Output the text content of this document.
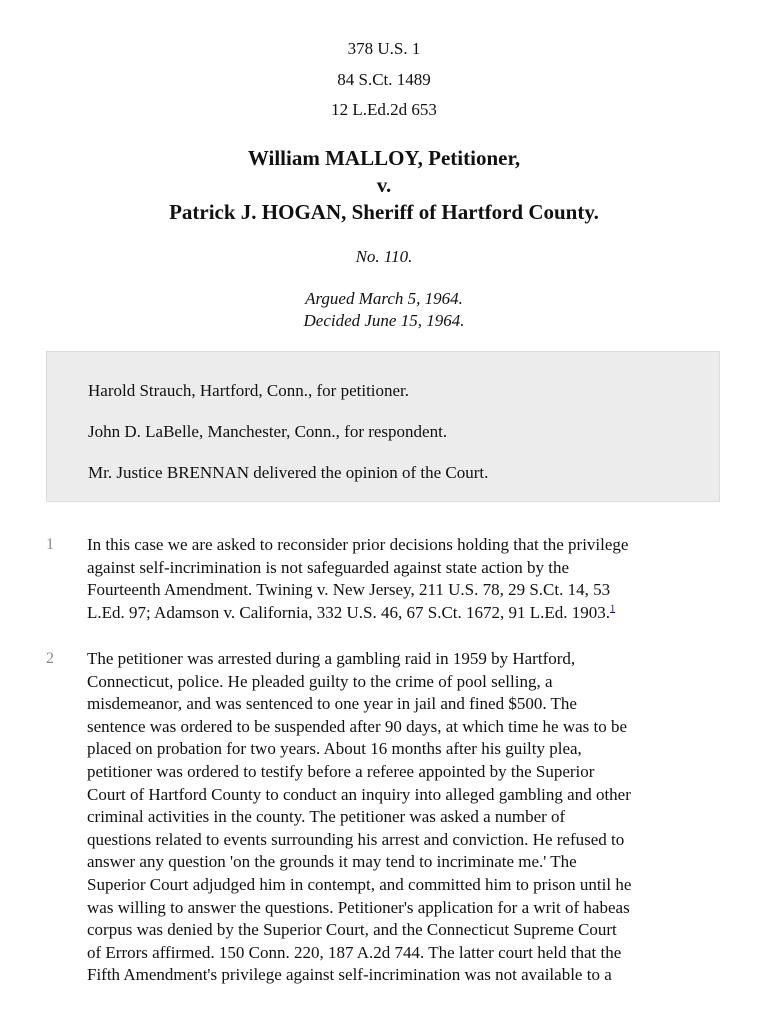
378 U.S. 1
84 S.Ct. 1489
12 L.Ed.2d 653
William MALLOY, Petitioner,
v.
Patrick J. HOGAN, Sheriff of Hartford County.
No. 110.
Argued March 5, 1964.
Decided June 15, 1964.
Harold Strauch, Hartford, Conn., for petitioner.
John D. LaBelle, Manchester, Conn., for respondent.
Mr. Justice BRENNAN delivered the opinion of the Court.
1 In this case we are asked to reconsider prior decisions holding that the privilege
against self-incrimination is not safeguarded against state action by the
Fourteenth Amendment. Twining v. New Jersey, 211 U.S. 78, 29 S.Ct. 14, 53
L.Ed. 97; Adamson v. California, 332 U.S. 46, 67 S.Ct. 1672, 91 L.Ed. 1903.$^1$
2 The petitioner was arrested during a gambling raid in 1959 by Hartford,
Connecticut, police. He pleaded guilty to the crime of pool selling, a
misdemeanor, and was sentenced to one year in jail and fined $500. The
sentence was ordered to be suspended after 90 days, at which time he was to be
placed on probation for two years. About 16 months after his guilty plea,
petitioner was ordered to testify before a referee appointed by the Superior
Court of Hartford County to conduct an inquiry into alleged gambling and other
criminal activities in the county. The petitioner was asked a number of
questions related to events surrounding his arrest and conviction. He refused to
answer any question 'on the grounds it may tend to incriminate me.' The
Superior Court adjudged him in contempt, and committed him to prison until he
was willing to answer the questions. Petitioner's application for a writ of habeas
corpus was denied by the Superior Court, and the Connecticut Supreme Court
of Errors affirmed. 150 Conn. 220, 187 A.2d 744. The latter court held that the
Fifth Amendment's privilege against self-incrimination was not available to a
